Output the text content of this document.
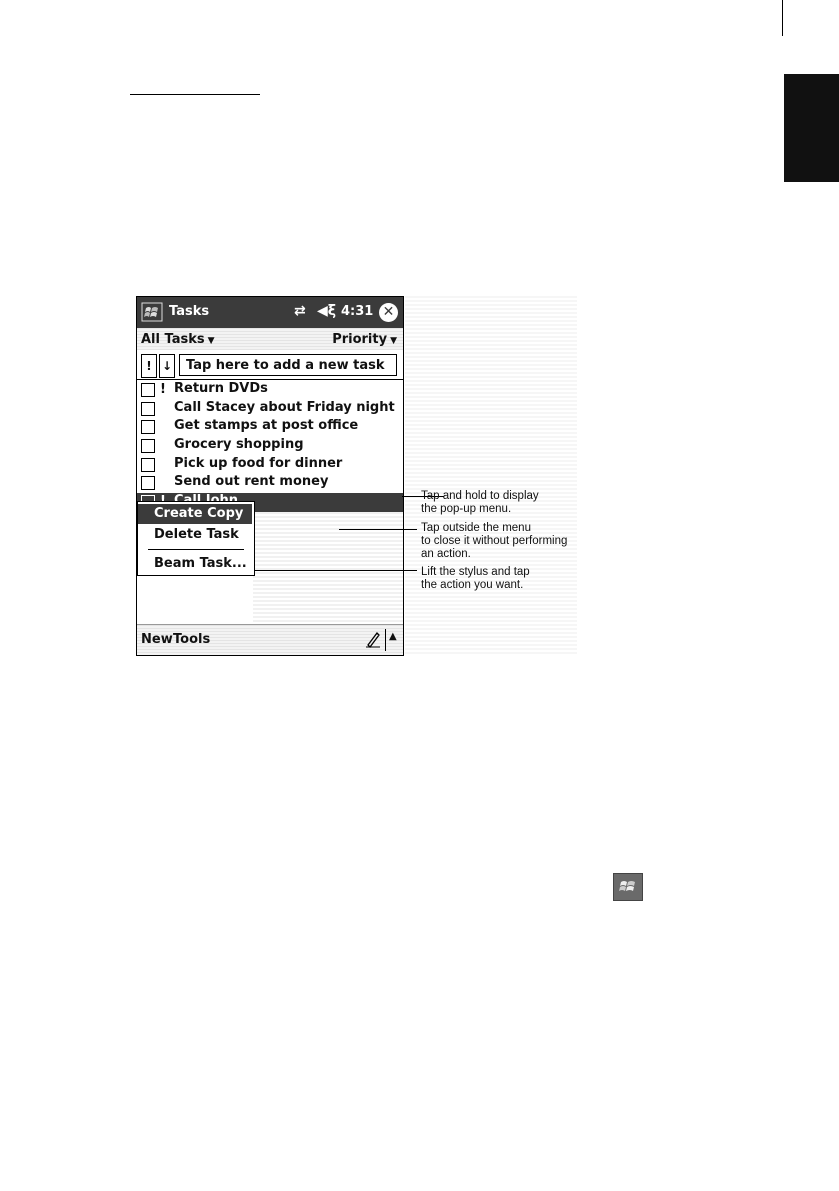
Tasks	⇄ ◀ξ 4:31 ✕
All Tasks ▼	Priority ▼
! ↓	Tap here to add a new task
! Return DVDs
Call Stacey about Friday night
Get stamps at post office
Grocery shopping
Pick up food for dinner
Send out rent money
Create Copy
Delete Task
Beam Task...
New Tools	▲
Tap and hold to display
the pop-up menu.
Tap outside the menu
to close it without performing
an action.
Lift the stylus and tap
the action you want.
